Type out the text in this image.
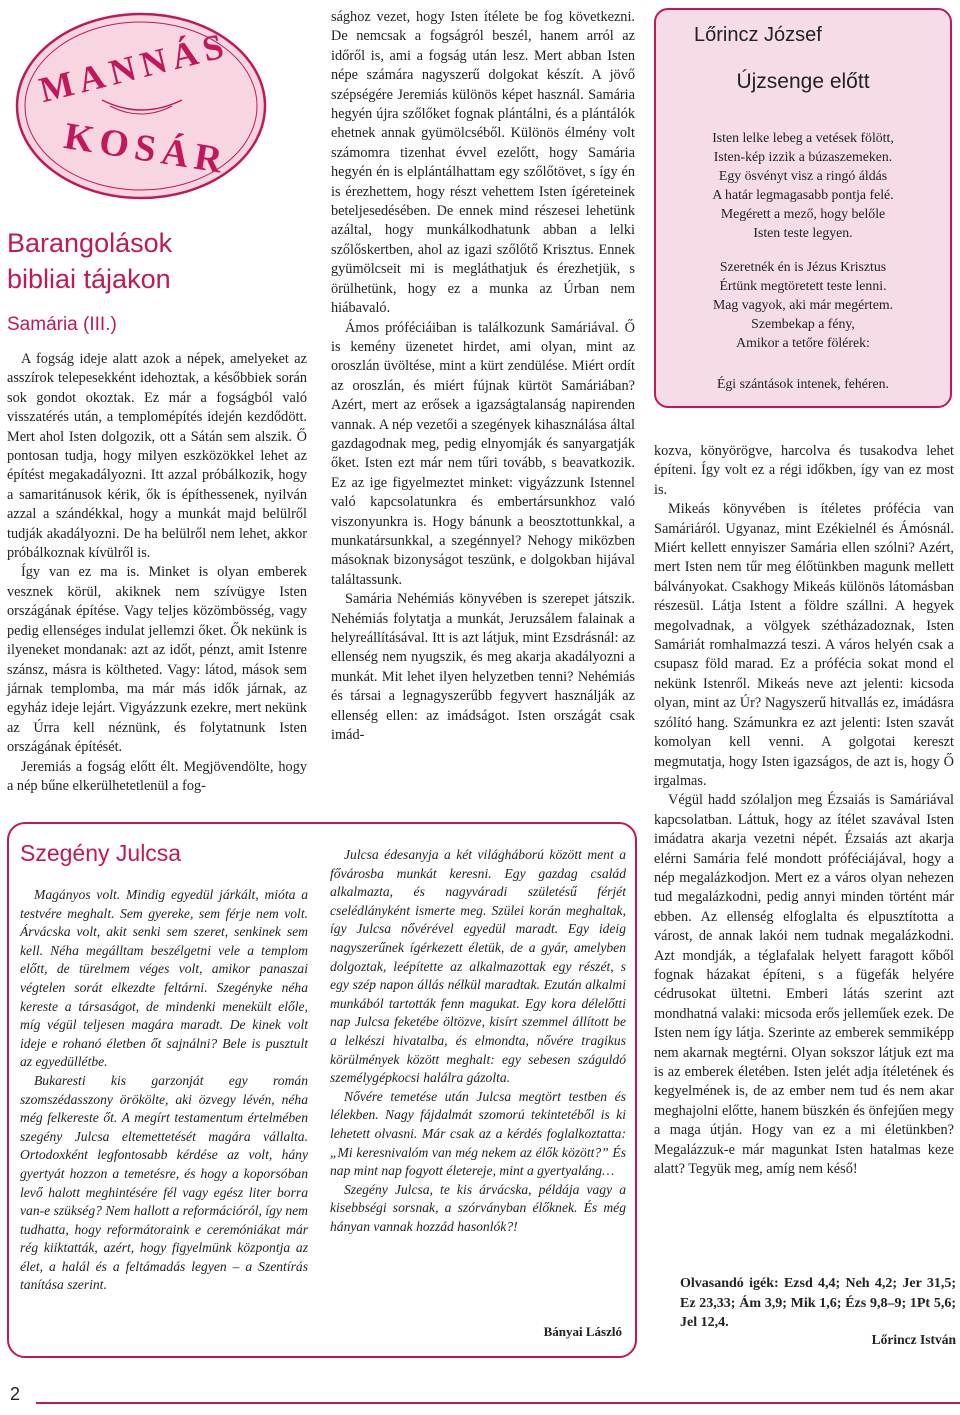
MANNÁS
KOSÁR
Barangolások
bibliai tájakon
Samária (III.)

A fogság ideje alatt azok a népek, amelyeket az asszírok telepesekként idehoztak, a későbbiek során sok gondot okoztak. Ez már a fogságból való visszatérés után, a templomépítés idején kezdődött. Mert ahol Isten dolgozik, ott a Sátán sem alszik. Ő pontosan tudja, hogy milyen eszközökkel lehet az építést megakadályozni. Itt azzal próbálkozik, hogy a samaritánusok kérik, ők is építhessenek, nyilván azzal a szándékkal, hogy a munkát majd belülről tudják akadályozni. De ha belülről nem lehet, akkor próbálkoznak kívülről is.

Így van ez ma is. Minket is olyan emberek vesznek körül, akiknek nem szívügye Isten országának építése. Vagy teljes közömbösség, vagy pedig ellenséges indulat jellemzi őket. Ők nekünk is ilyeneket mondanak: azt az időt, pénzt, amit Istenre szánsz, másra is költheted. Vagy: látod, mások sem járnak templomba, ma már más idők járnak, az egyház ideje lejárt. Vigyázzunk ezekre, mert nekünk az Úrra kell néznünk, és folytatnunk Isten országának építését.

Jeremiás a fogság előtt élt. Megjövendölte, hogy a nép bűne elkerülhetetlenül a fog-

sághoz vezet, hogy Isten ítélete be fog következni. De nemcsak a fogságról beszél, hanem arról az időről is, ami a fogság után lesz. Mert abban Isten népe számára nagyszerű dolgokat készít. A jövő szépségére Jeremiás különös képet használ. Samária hegyén újra szőlőket fognak plántálni, és a plántálók ehetnek annak gyümölcséből. Különös élmény volt számomra tizenhat évvel ezelőtt, hogy Samária hegyén én is elplántálhattam egy szőlőtövet, s így én is érezhettem, hogy részt vehettem Isten ígéreteinek beteljesedésében. De ennek mind részesei lehetünk azáltal, hogy munkálkodhatunk abban a lelki szőlőskertben, ahol az igazi szőlőtő Krisztus. Ennek gyümölcseit mi is megláthatjuk és érezhetjük, s örülhetünk, hogy ez a munka az Úrban nem hiábavaló.

Ámos próféciáiban is találkozunk Samáriával. Ő is kemény üzenetet hirdet, ami olyan, mint az oroszlán üvöltése, mint a kürt zendülése. Miért ordít az oroszlán, és miért fújnak kürtöt Samáriában? Azért, mert az erősek a igazságtalanság napirenden vannak. A nép vezetői a szegények kihasználása által gazdagodnak meg, pedig elnyomják és sanyargatják őket. Isten ezt már nem tűri tovább, s beavatkozik. Ez az ige figyelmeztet minket: vigyázzunk Istennel való kapcsolatunkra és embertársunkhoz való viszonyunkra is. Hogy bánunk a beosztottunkkal, a munkatársunkkal, a szegénnyel? Nehogy miközben másoknak bizonyságot teszünk, e dolgokban hijával találtassunk.

Samária Nehémiás könyvében is szerepet játszik. Nehémiás folytatja a munkát, Jeruzsálem falainak a helyreállításával. Itt is azt látjuk, mint Ezsdrásnál: az ellenség nem nyugszik, és meg akarja akadályozni a munkát. Mit lehet ilyen helyzetben tenni? Nehémiás és társai a legnagyszerűbb fegyvert használják az ellenség ellen: az imádságot. Isten országát csak imád-

Lőrincz József
Újzsenge előtt
Isten lelke lebeg a vetések fölött,
Isten-kép izzik a búzaszemeken.
Egy ösvényt visz a ringó áldás
A határ legmagasabb pontja felé.
Megérett a mező, hogy belőle
Isten teste legyen.
Szeretnék én is Jézus Krisztus
Értünk megtöretett teste lenni.
Mag vagyok, aki már megértem.
Szembekap a fény,
Amikor a tetőre fölérek:
Égi szántások intenek, fehéren.

kozva, könyörögve, harcolva és tusakodva lehet építeni. Így volt ez a régi időkben, így van ez most is.

Mikeás könyvében is ítéletes prófécia van Samáriáról. Ugyanaz, mint Ezékielnél és Ámósnál. Miért kellett ennyiszer Samária ellen szólni? Azért, mert Isten nem tűr meg élőtünkben magunk mellett bálványokat. Csakhogy Mikeás különös látomásban részesül. Látja Istent a földre szállni. A hegyek megolvadnak, a völgyek szétházadoznak, Isten Samáriát romhalmazzá teszi. A város helyén csak a csupasz föld marad. Ez a prófécia sokat mond el nekünk Istenről. Mikeás neve azt jelenti: kicsoda olyan, mint az Úr? Nagyszerű hitvallás ez, imádásra szólító hang. Számunkra ez azt jelenti: Isten szavát komolyan kell venni. A golgotai kereszt megmutatja, hogy Isten igazságos, de azt is, hogy Ő irgalmas.

Végül hadd szólaljon meg Ézsaiás is Samáriával kapcsolatban. Láttuk, hogy az ítélet szavával Isten imádatra akarja vezetni népét. Ézsaiás azt akarja elérni Samária felé mondott próféciájával, hogy a nép megalázkodjon. Mert ez a város olyan nehezen tud megalázkodni, pedig annyi minden történt már ebben. Az ellenség elfoglalta és elpusztította a várost, de annak lakói nem tudnak megalázkodni. Azt mondják, a téglafalak helyett faragott kőből fognak házakat építeni, s a fügefák helyére cédrusokat ültetni. Emberi látás szerint azt mondhatná valaki: micsoda erős jelleműek ezek. De Isten nem így látja. Szerinte az emberek semmiképp nem akarnak megtérni. Olyan sokszor látjuk ezt ma is az emberek életében. Isten jelét adja ítéletének és kegyelmének is, de az ember nem tud és nem akar meghajolni előtte, hanem büszkén és önfejűen megy a maga útján. Hogy van ez a mi életünkben? Megalázzuk-e már magunkat Isten hatalmas keze alatt? Tegyük meg, amíg nem késő!

Olvasandó igék: Ezsd 4,4; Neh 4,2; Jer 31,5; Ez 23,33; Ám 3,9; Mik 1,6; Ézs 9,8–9; 1Pt 5,6; Jel 12,4.
Lőrincz István
Szegény Julcsa

Magányos volt. Mindig egyedül járkált, mióta a testvére meghalt. Sem gyereke, sem férje nem volt. Árvácska volt, akit senki sem szeret, senkinek sem kell. Néha megálltam beszélgetni vele a templom előtt, de türelmem véges volt, amikor panaszai végtelen sorát elkezdte feltárni. Szegényke néha kereste a társaságot, de mindenki menekült előle, míg végül teljesen magára maradt. De kinek volt ideje e rohanó életben őt sajnálni? Bele is pusztult az egyedüllétbe.

Bukaresti kis garzonját egy román szomszédasszony örökölte, aki özvegy lévén, néha még felkereste őt. A megírt testamentum értelmében szegény Julcsa eltemettetését magára vállalta. Ortodoxként legfontosabb kérdése az volt, hány gyertyát hozzon a temetésre, és hogy a koporsóban levő halott meghintésére fél vagy egész liter borra van-e szükség? Nem hallott a reformációról, így nem tudhatta, hogy reformátoraink e ceremóniákat már rég kiiktatták, azért, hogy figyelmünk központja az élet, a halál és a feltámadás legyen – a Szentírás tanítása szerint.

Julcsa édesanyja a két világháború között ment a fővárosba munkát keresni. Egy gazdag család alkalmazta, és nagyváradi születésű férjét cselédlányként ismerte meg. Szülei korán meghaltak, így Julcsa nővérével egyedül maradt. Egy ideig nagyszerűnek ígérkezett életük, de a gyár, amelyben dolgoztak, leépítette az alkalmazottak egy részét, s egy szép napon állás nélkül maradtak. Ezután alkalmi munkából tartották fenn magukat. Egy kora délelőtti nap Julcsa feketébe öltözve, kisírt szemmel állított be a lelkészi hivatalba, és elmondta, nővére tragikus körülmények között meghalt: egy sebesen száguldó személygépkocsi halálra gázolta.

Nővére temetése után Julcsa megtört testben és lélekben. Nagy fájdalmát szomorú tekintetéből is ki lehetett olvasni. Már csak az a kérdés foglalkoztatta: „Mi keresnivalóm van még nekem az élők között?” És nap mint nap fogyott életereje, mint a gyertyaláng…

Szegény Julcsa, te kis árvácska, példája vagy a kisebbségi sorsnak, a szórványban élőknek. És még hányan vannak hozzád hasonlók?!

Bányai László
2
